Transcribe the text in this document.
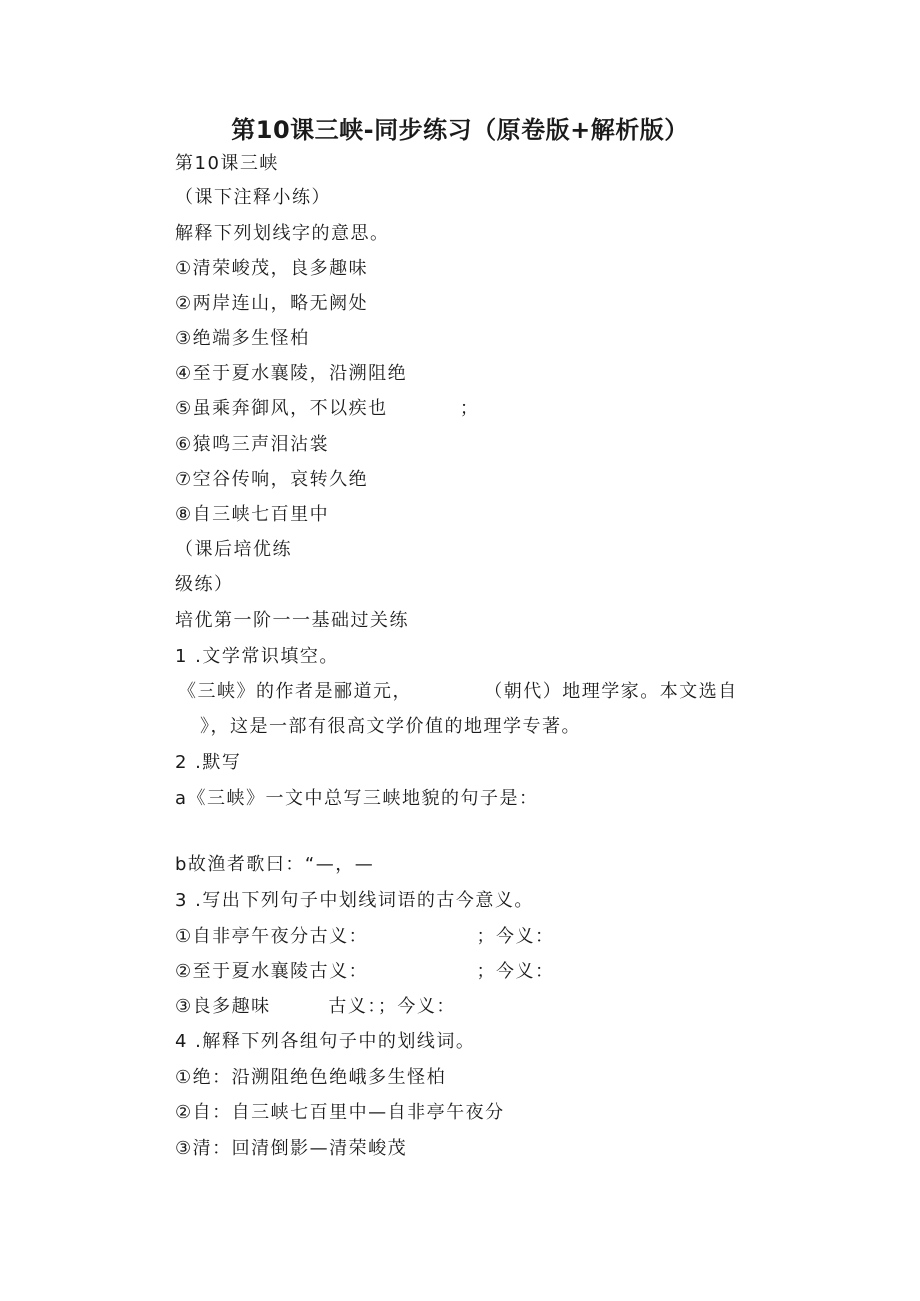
第10课三峡-同步练习（原卷版+解析版）
第10课三峡
（课下注释小练）
解释下列划线字的意思。
①清荣峻茂，良多趣味
②两岸连山，略无阙处
③绝端多生怪柏
④至于夏水襄陵，沿溯阻绝
⑤虽乘奔御风，不以疾也          ；
⑥猿鸣三声泪沾裳
⑦空谷传响，哀转久绝
⑧自三峡七百里中
（课后培优练
级练）
培优第一阶一一基础过关练
1 .文学常识填空。
《三峡》的作者是郦道元，          （朝代）地理学家。本文选自
》，这是一部有很高文学价值的地理学专著。
2 .默写
a《三峡》一文中总写三峡地貌的句子是：
b故渔者歌曰：“—，—
3 .写出下列句子中划线词语的古今意义。
①自非亭午夜分古义：               ；今义：
②至于夏水襄陵古义：               ；今义：
③良多趣味        古义：；今义：
4 .解释下列各组句子中的划线词。
①绝：沿溯阻绝色绝峨多生怪柏
②自：自三峡七百里中—自非亭午夜分
③清：回清倒影—清荣峻茂
